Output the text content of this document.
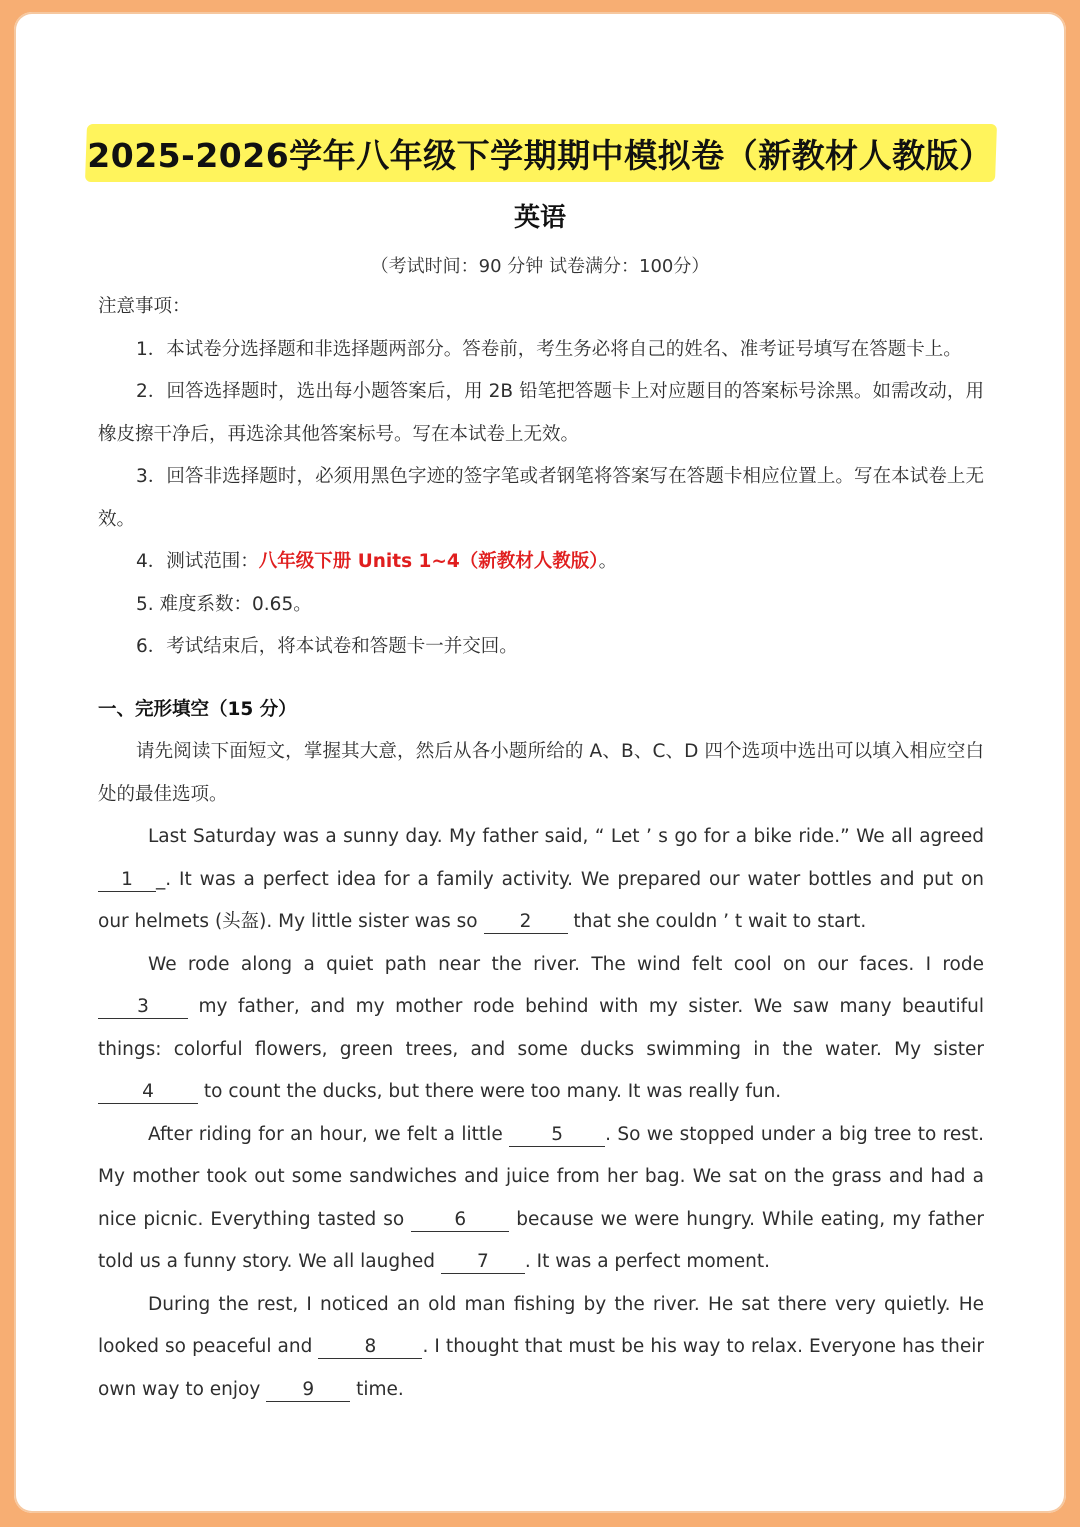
2025-2026学年八年级下学期期中模拟卷（新教材人教版）
英语
（考试时间：90 分钟 试卷满分：100分）

注意事项：

1．本试卷分选择题和非选择题两部分。答卷前，考生务必将自己的姓名、准考证号填写在答题卡上。

2．回答选择题时，选出每小题答案后，用 2B 铅笔把答题卡上对应题目的答案标号涂黑。如需改动，用橡皮擦干净后，再选涂其他答案标号。写在本试卷上无效。

3．回答非选择题时，必须用黑色字迹的签字笔或者钢笔将答案写在答题卡相应位置上。写在本试卷上无效。

4．测试范围：八年级下册 Units 1~4（新教材人教版）。

5. 难度系数：0.65。

6．考试结束后，将本试卷和答题卡一并交回。

一、完形填空（15 分）

请先阅读下面短文，掌握其大意，然后从各小题所给的 A、B、C、D 四个选项中选出可以填入相应空白处的最佳选项。

Last Saturday was a sunny day. My father said, “ Let ’ s go for a bike ride.” We all agreed 1 _. It was a perfect idea for a family activity. We prepared our water bottles and put on our helmets (头盔). My little sister was so 2 that she couldn ’ t wait to start.

We rode along a quiet path near the river. The wind felt cool on our faces. I rode 3 my father, and my mother rode behind with my sister. We saw many beautiful things: colorful flowers, green trees, and some ducks swimming in the water. My sister 4 to count the ducks, but there were too many. It was really fun.

After riding for an hour, we felt a little 5 . So we stopped under a big tree to rest. My mother took out some sandwiches and juice from her bag. We sat on the grass and had a nice picnic. Everything tasted so 6 because we were hungry. While eating, my father told us a funny story. We all laughed 7 . It was a perfect moment.

During the rest, I noticed an old man fishing by the river. He sat there very quietly. He looked so peaceful and 8 . I thought that must be his way to relax. Everyone has their own way to enjoy 9 time.
